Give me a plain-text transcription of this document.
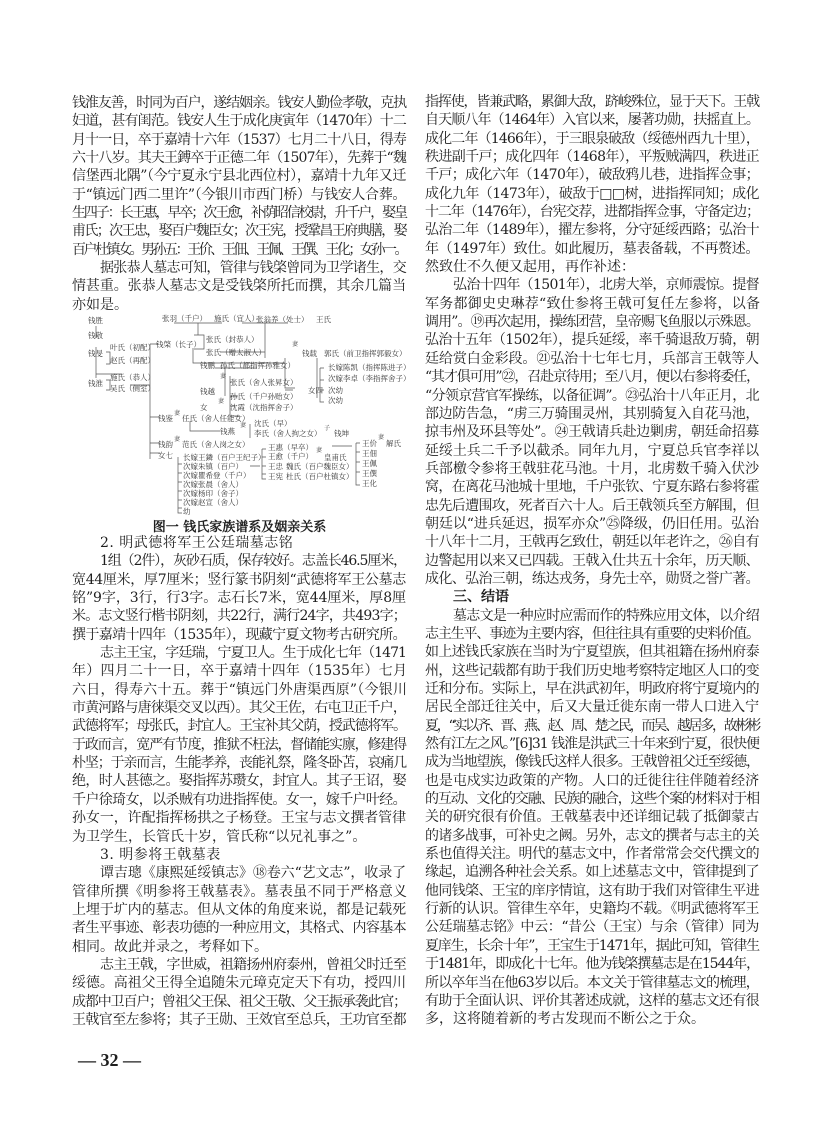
钱淮友善，时同为百户，遂结姻亲。钱安人勤俭孝敬，克执
妇道，甚有闺范。钱安人生于成化庚寅年（1470年）十二
月十一日，卒于嘉靖十六年（1537）七月二十八日，得寿
六十八岁。其夫王鎛卒于正德二年（1507年），先葬于“魏
信堡西北隅”（今宁夏永宁县北西位村），嘉靖十九年又迁
于“镇远门西二里许”（今银川市西门桥）与钱安人合葬。
生四子：长王惠，早卒；次王愈，补荫昭信校尉，升千户，娶皇
甫氏；次王忠，娶百户魏臣女；次王宪，授鞏昌王府典膳，娶
百户杜镇女。男孙五：王价、王佃、王佩、王僎、王化；女孙一。
据张恭人墓志可知，管律与钱棨曾同为卫学诸生，交
情甚重。张恭人墓志文是受钱棨所托而撰，其余几篇当
亦如是。
钱胜
钱敬
钱旻
叶氏（初配）
赵氏（再配）
钱淮
施氏（恭人）
吴氏（侧室）
张羽（千户） 施氏（宜人）
张翁养（处士） 王氏
钱棨（长子）
张氏（封恭人）
张氏（赠太淑人）
钱鹏 孙氏（都指挥孙雅女）
钱越
张氏（舍人张昇女）
孙氏（千户孙贻女）
女	沈霞（沈指挥舍子）
钱载 郭氏（前卫指挥郭毅女）
女四
长嫁陈凯（指挥陈进子）
次嫁李卓（李指挥舍子）
次幼
次幼
钱鉴 任氏（舍人任能女）
钱燕
沈氏（早）
李氏（舍人拘之女） 钱坤
钱韵 范氏（舍人岗之女）
女七 长嫁王鏻（百户王纪子）
次嫁朱镇（百户）
次嫁瞿希登（千户）
次嫁张晨（舍人）
次嫁杨印（舍子）
次嫁赵宣（舍人）
幼
王惠（早卒）
王愈（千户） 皇甫氏
王忠 魏氏（百户魏臣女）
王宪 杜氏（百户杜镇女）
王价 解氏
王佃
王佩
王僎
王化
妻
妻
妻
妻
妻	子
妻
妻
妻
图一 钱氏家族谱系及姻亲关系
2. 明武德将军王公廷瑞墓志铭
1组（2件），灰砂石质，保存较好。志盖长46.5厘米，
宽44厘米，厚7厘米；竖行篆书阴刻“武德将军王公墓志
铭”9字，3行，行3字。志石长7米，宽44厘米，厚8厘
米。志文竖行楷书阴刻，共22行，满行24字，共493字；
撰于嘉靖十四年（1535年），现藏宁夏文物考古研究所。
志主王宝，字廷瑞，宁夏卫人。生于成化七年（1471
年）四月二十一日，卒于嘉靖十四年（1535年）七月
六日，得寿六十五。葬于“镇远门外唐渠西原”（今银川
市黄河路与唐徕渠交叉以西）。其父王佐，右屯卫正千户，
武德将军；母张氏，封宜人。王宝补其父荫，授武德将军。
于政而言，宽严有节度，推狱不枉法，督储能实廪，修建得
朴坚；于亲而言，生能孝养，丧能礼祭，隆冬卧苫，哀痛几
绝，时人甚德之。娶指挥苏瓒女，封宜人。其子王诏，娶
千户徐琦女，以杀贼有功进指挥使。女一，嫁千户叶经。
孙女一，许配指挥杨拱之子杨登。王宝与志文撰者管律
为卫学生，长管氏十岁，管氏称“以兄礼事之”。
3. 明参将王戟墓表
谭吉璁《康熙延绥镇志》⑱卷六“艺文志”，收录了
管律所撰《明参将王戟墓表》。墓表虽不同于严格意义
上埋于圹内的墓志。但从文体的角度来说，都是记载死
者生平事迹、彰表功德的一种应用文，其格式、内容基本
相同。故此并录之，考释如下。
志主王戟，字世威，祖籍扬州府泰州，曾祖父时迁至
绥德。高祖父王得全追随朱元璋克定天下有功，授四川
成都中卫百户；曾祖父王保、祖父王敬、父王振承袭此官；
王戟官至左参将；其子王勋、王效官至总兵，王功官至都
指挥使，皆兼武略，累御大敌，跻峻殊位，显于天下。王戟
自天顺八年（1464年）入官以来，屡著功勋，扶摇直上。
成化二年（1466年），于三眼泉破敌（绥德州西九十里），
秩进副千戸；成化四年（1468年），平叛贼满四，秩进正
千戸；成化六年（1470年），破敌鸦儿巷，进指挥佥事；
成化九年（1473年），破敌于□□树，进指挥同知；成化
十二年（1476年），台宪交荐，进都指挥佥事，守备定边；
弘治二年（1489年），擢左参将，分守延绥西路；弘治十
年（1497年）致仕。如此履历，墓表备载，不再赘述。
然致仕不久便又起用，再作补述：
弘治十四年（1501年），北虏大举，京师震惊。提督
军务都御史史琳荐“致仕参将王戟可复任左参将，以备
调用”。⑲再次起用，操练团营，皇帝赐飞鱼服以示殊恩。
弘治十五年（1502年），提兵延绥，率千骑退敌万骑，朝
廷给赏白金彩段。㉑弘治十七年七月，兵部言王戟等人
“其才俱可用”㉒，召赴京待用；至八月，便以右参将委任，
“分领京营官军操练，以备征调”。㉓弘治十八年正月，北
部边防告急，“虏三万骑围灵州，其别骑复入自花马池，
掠韦州及环县等处”。㉔王戟请兵赴边剿虏，朝廷命招募
延绥土兵二千予以截杀。同年九月，宁夏总兵官李祥以
兵部檄令参将王戟驻花马池。十月，北虏数千骑入伏沙
窝，在离花马池城十里地，千户张钦、宁夏东路右参将霍
忠先后遭围攻，死者百六十人。后王戟领兵至方解围，但
朝廷以“进兵延迟，损军亦众”㉕降级，仍旧任用。弘治
十八年十二月，王戟再乞致仕，朝廷以年老许之，㉖自有
边警起用以来又已四载。王戟入仕共五十余年，历天顺、
成化、弘治三朝，练达戎务，身先士卒，勋贤之誉广著。
三、结语
墓志文是一种应时应需而作的特殊应用文体，以介绍
志主生平、事迹为主要内容，但往往具有重要的史料价值。
如上述钱氏家族在当时为宁夏望族，但其祖籍在扬州府泰
州，这些记载都有助于我们历史地考察特定地区人口的变
迁和分布。实际上，早在洪武初年，明政府将宁夏境内的
居民全部迁往关中，后又大量迁徙东南一带人口进入宁
夏，“实以齐、晋、燕、赵、周、楚之民，而吴、越居多，故彬彬
然有江左之风。”[6]31 钱淮是洪武三十年来到宁夏，很快便
成为当地望族，像钱氏这样人很多。王戟曾祖父迁至绥德，
也是屯戍实边政策的产物。人口的迁徙往往伴随着经济
的互动、文化的交融、民族的融合，这些个案的材料对于相
关的研究很有价值。王戟墓表中还详细记载了抵御蒙古
的诸多战事，可补史之阙。另外，志文的撰者与志主的关
系也值得关注。明代的墓志文中，作者常常会交代撰文的
缘起，追溯各种社会关系。如上述墓志文中，管律提到了
他同钱棨、王宝的庠序情谊，这有助于我们对管律生平进
行新的认识。管律生卒年，史籍均不载。《明武德将军王
公廷瑞墓志铭》中云：“昔公（王宝）与余（管律）同为
夏庠生，长余十年”，王宝生于1471年，据此可知，管律生
于1481年，即成化十七年。他为钱棨撰墓志是在1544年，
所以卒年当在他63岁以后。本文关于管律墓志文的梳理，
有助于全面认识、评价其著述成就，这样的墓志文还有很
多，这将随着新的考古发现而不断公之于众。
— 32 —
